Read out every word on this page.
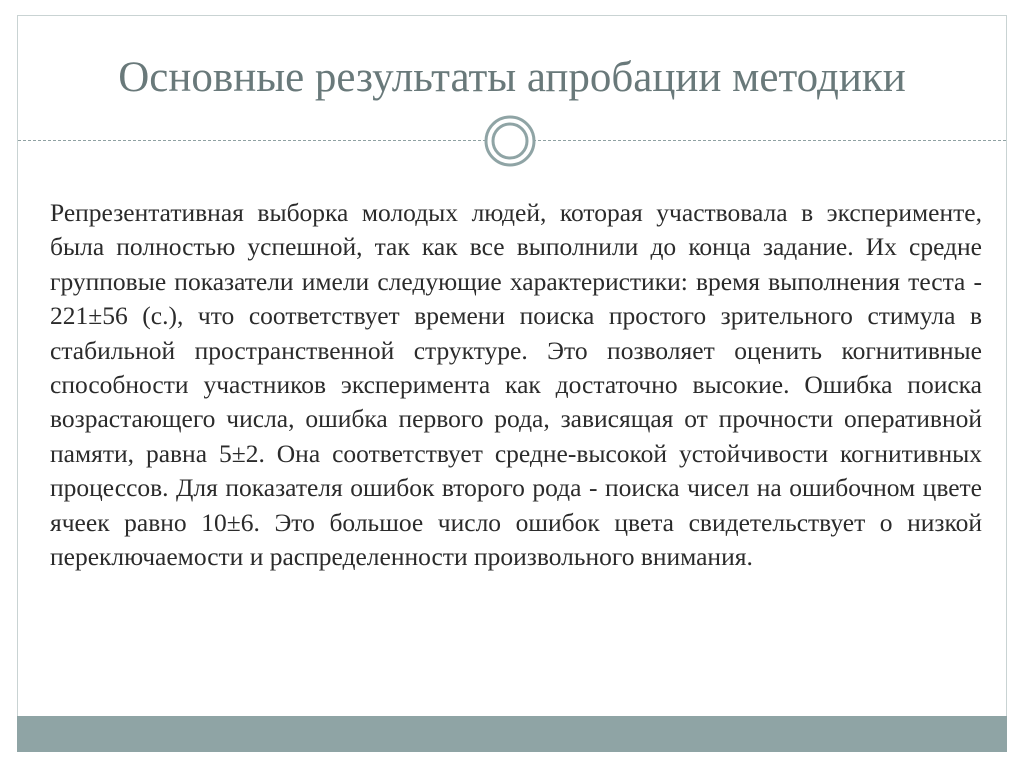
Основные результаты апробации методики

Репрезентативная выборка молодых людей, которая участвовала в эксперименте, была полностью успешной, так как все выполнили до конца задание. Их средне групповые показатели имели следующие характеристики: время выполнения теста - 221±56 (с.), что соответствует времени поиска простого зрительного стимула в стабильной пространственной структуре. Это позволяет оценить когнитивные способности участников эксперимента как достаточно высокие. Ошибка поиска возрастающего числа, ошибка первого рода, зависящая от прочности оперативной памяти, равна 5±2. Она соответствует средне-высокой устойчивости когнитивных процессов. Для показателя ошибок второго рода - поиска чисел на ошибочном цвете ячеек равно 10±6. Это большое число ошибок цвета свидетельствует о низкой переключаемости и распределенности произвольного внимания.
